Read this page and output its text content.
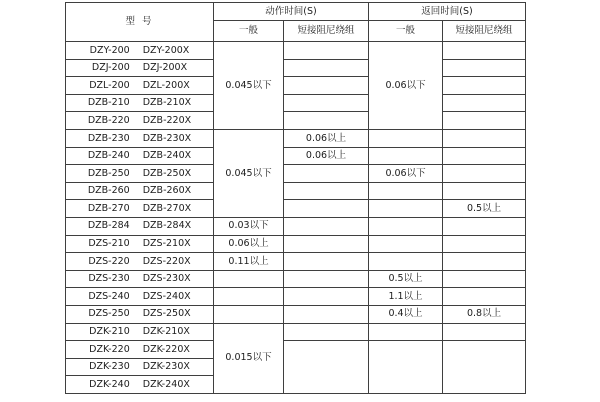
型 号	动作时间(S)		返回时间(S)	
	一般	短接阻尼绕组	一般	短接阻尼绕组
DZY-200 DZY-200X	0.045以下		0.06以下	
DZJ-200 DZJ-200X				
DZL-200 DZL-200X				
DZB-210 DZB-210X				
DZB-220 DZB-220X				
DZB-230 DZB-230X	0.045以下	0.06以上		
DZB-240 DZB-240X		0.06以上		
DZB-250 DZB-250X			0.06以下	
DZB-260 DZB-260X				
DZB-270 DZB-270X				0.5以上
DZB-284 DZB-284X	0.03以下			
DZS-210 DZS-210X	0.06以上			
DZS-220 DZS-220X	0.11以上			
DZS-230 DZS-230X			0.5以上	
DZS-240 DZS-240X			1.1以上	
DZS-250 DZS-250X			0.4以上	0.8以上
DZK-210 DZK-210X	0.015以下			
DZK-220 DZK-220X				
DZK-230 DZK-230X				
DZK-240 DZK-240X				
